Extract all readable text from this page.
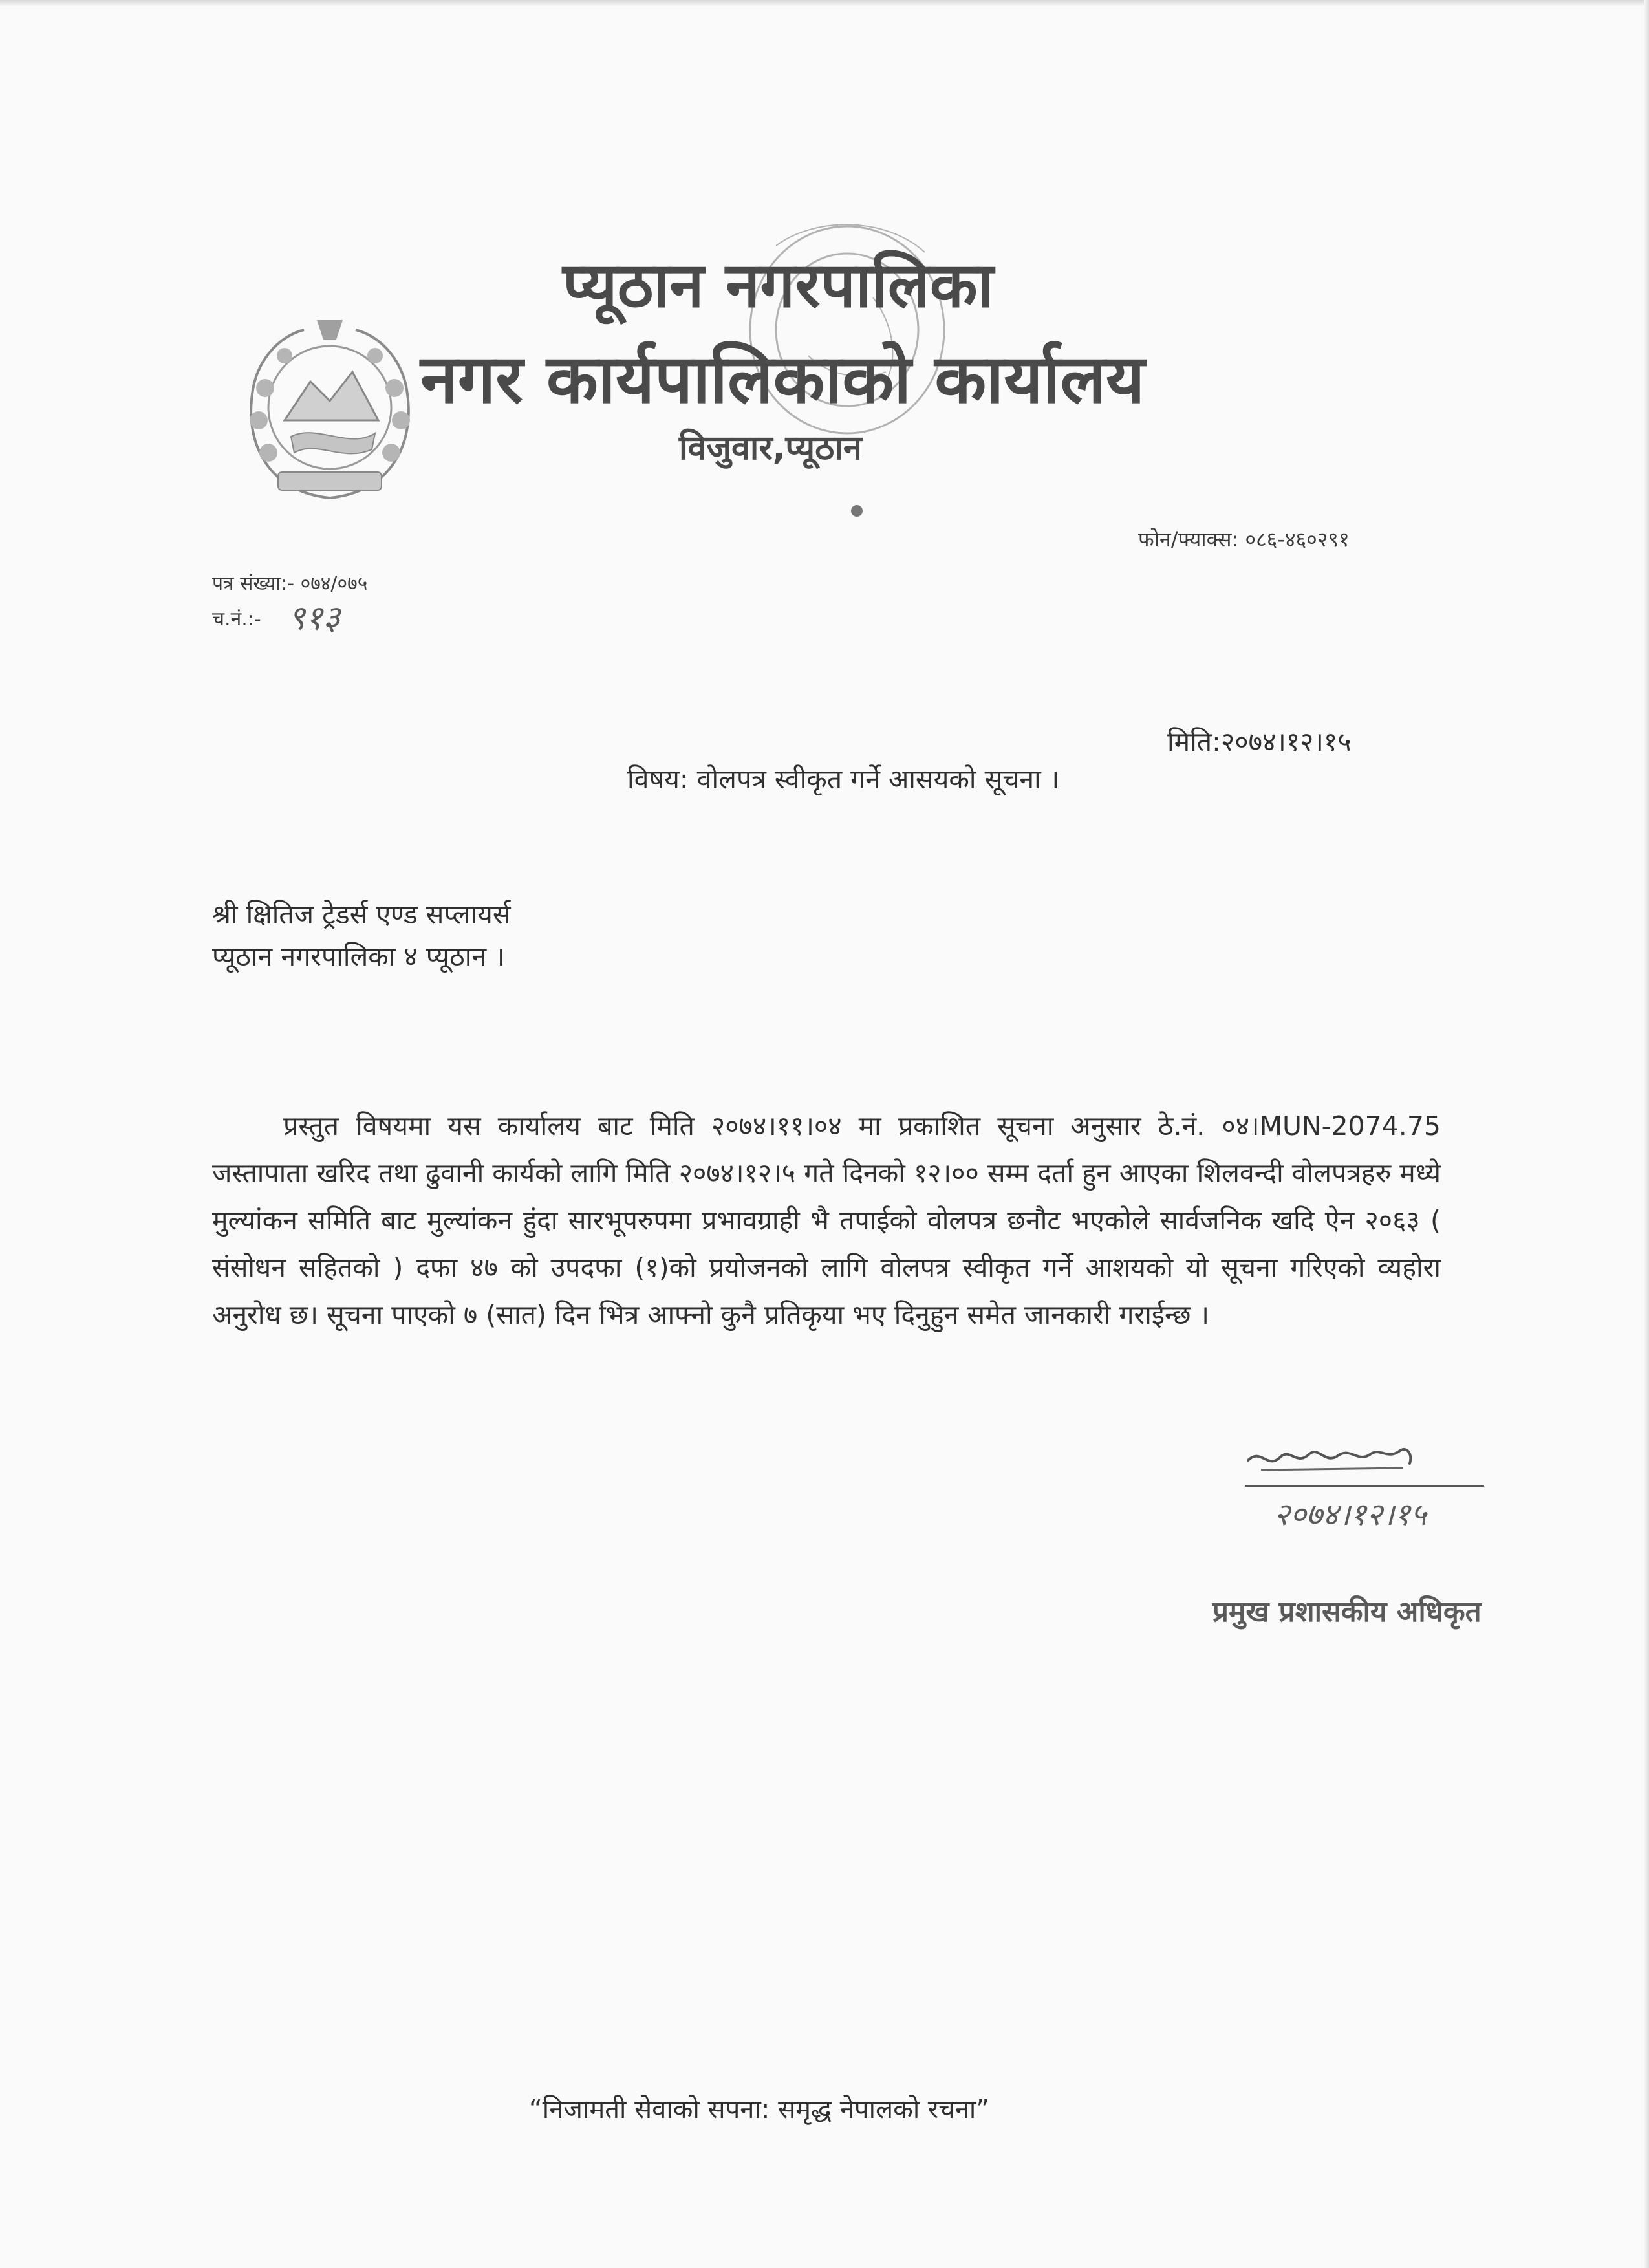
प्यूठान नगरपालिका
नगर कार्यपालिकाको कार्यालय
विजुवार,प्यूठान
फोन/फ्याक्स: ०८६-४६०२९१
पत्र संख्या:- ०७४/०७५
च.नं.:- ९१३
मिति:२०७४।१२।१५
विषय: वोलपत्र स्वीकृत गर्ने आसयको सूचना ।
श्री क्षितिज ट्रेडर्स एण्ड सप्लायर्स
प्यूठान नगरपालिका ४ प्यूठान ।
प्रस्तुत विषयमा यस कार्यालय बाट मिति २०७४।११।०४ मा प्रकाशित सूचना अनुसार ठे.नं. ०४।MUN-2074.75 जस्तापाता खरिद तथा ढुवानी कार्यको लागि मिति २०७४।१२।५ गते दिनको १२।०० सम्म दर्ता हुन आएका शिलवन्दी वोलपत्रहरु मध्ये मुल्यांकन समिति बाट मुल्यांकन हुंदा सारभूपरुपमा प्रभावग्राही भै तपाईको वोलपत्र छनौट भएकोले सार्वजनिक खदि ऐन २०६३ ( संसोधन सहितको ) दफा ४७ को उपदफा (१)को प्रयोजनको लागि वोलपत्र स्वीकृत गर्ने आशयको यो सूचना गरिएको व्यहोरा अनुरोध छ। सूचना पाएको ७ (सात) दिन भित्र आफ्नो कुनै प्रतिकृया भए दिनुहुन समेत जानकारी गराईन्छ ।
२०७४।१२।१५
प्रमुख प्रशासकीय अधिकृत
“निजामती सेवाको सपना: समृद्ध नेपालको रचना”
